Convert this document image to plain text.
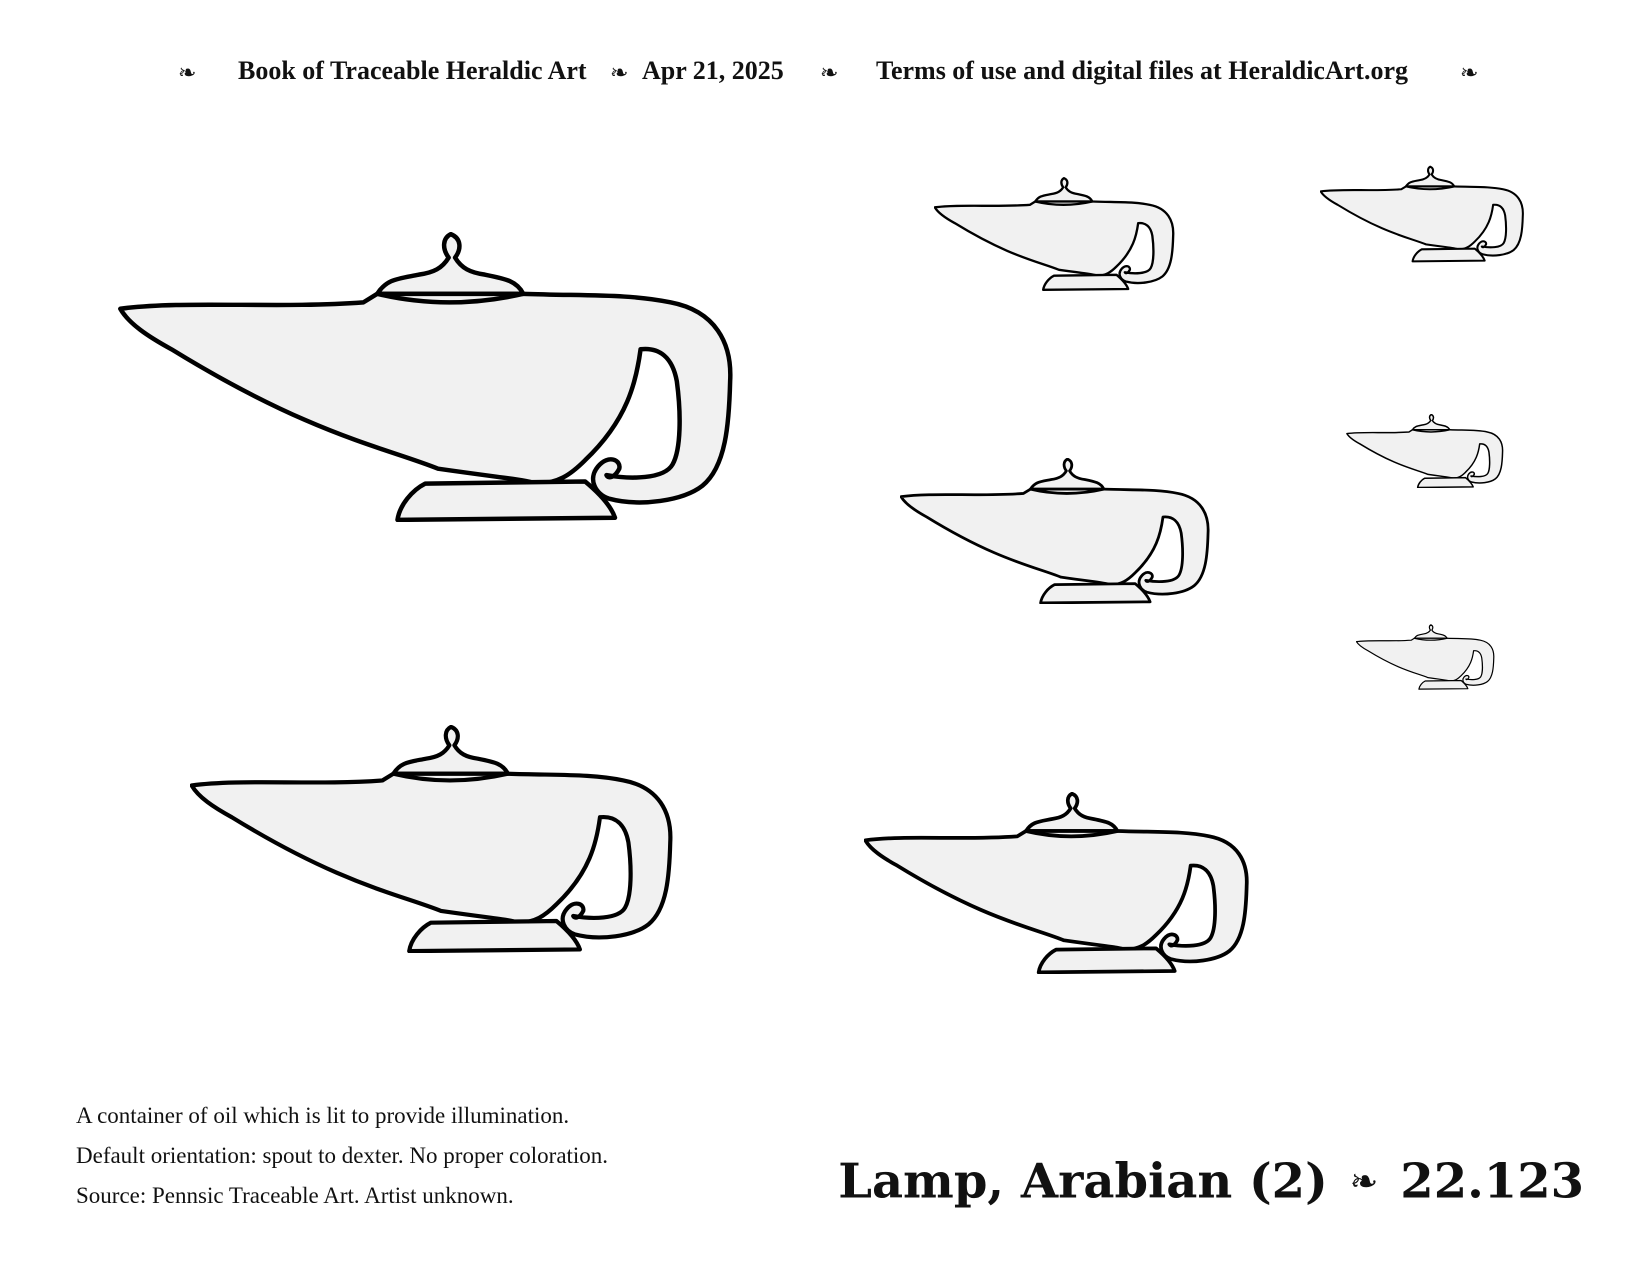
❧ Book of Traceable Heraldic Art ❧ Apr 21, 2025 ❧ Terms of use and digital files at HeraldicArt.org ❧
A container of oil which is lit to provide illumination.
Default orientation: spout to dexter. No proper coloration.
Source: Pennsic Traceable Art. Artist unknown.	Lamp, Arabian (2) ❧ 22.123
